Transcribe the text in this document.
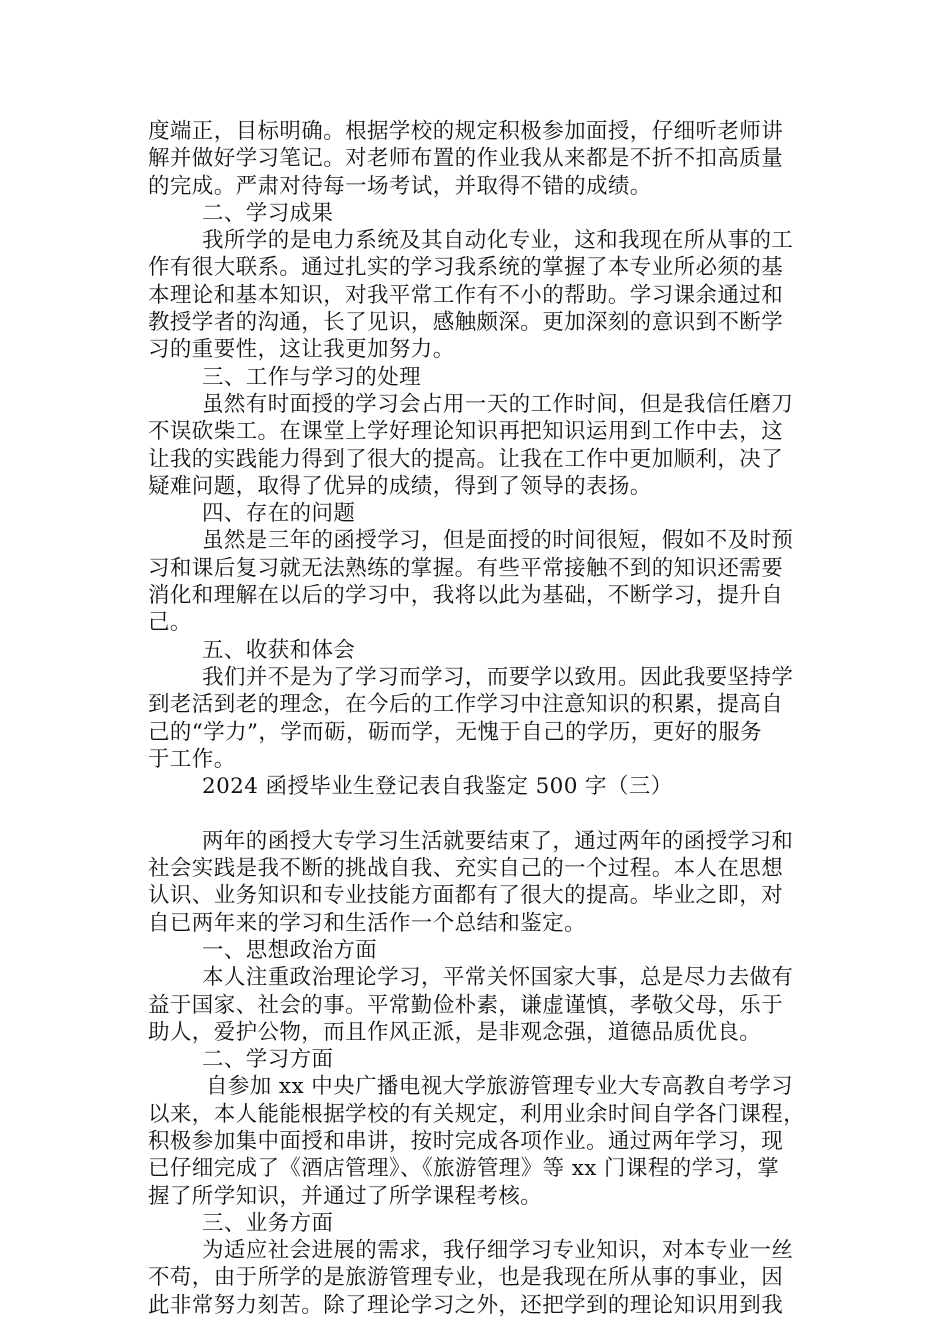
度端正，目标明确。根据学校的规定积极参加面授，仔细听老师讲
解并做好学习笔记。对老师布置的作业我从来都是不折不扣高质量
的完成。严肃对待每一场考试，并取得不错的成绩。
二、学习成果
我所学的是电力系统及其自动化专业，这和我现在所从事的工
作有很大联系。通过扎实的学习我系统的掌握了本专业所必须的基
本理论和基本知识，对我平常工作有不小的帮助。学习课余通过和
教授学者的沟通，长了见识，感触颇深。更加深刻的意识到不断学
习的重要性，这让我更加努力。
三、工作与学习的处理
虽然有时面授的学习会占用一天的工作时间，但是我信任磨刀
不误砍柴工。在课堂上学好理论知识再把知识运用到工作中去，这
让我的实践能力得到了很大的提高。让我在工作中更加顺利，决了
疑难问题，取得了优异的成绩，得到了领导的表扬。
四、存在的问题
虽然是三年的函授学习，但是面授的时间很短，假如不及时预
习和课后复习就无法熟练的掌握。有些平常接触不到的知识还需要
消化和理解在以后的学习中，我将以此为基础，不断学习，提升自
己。
五、收获和体会
我们并不是为了学习而学习，而要学以致用。因此我要坚持学
到老活到老的理念，在今后的工作学习中注意知识的积累，提高自
己的“学力”，学而砺，砺而学，无愧于自己的学历，更好的服务
于工作。
2024 函授毕业生登记表自我鉴定 500 字（三）
两年的函授大专学习生活就要结束了，通过两年的函授学习和
社会实践是我不断的挑战自我、充实自己的一个过程。本人在思想
认识、业务知识和专业技能方面都有了很大的提高。毕业之即，对
自已两年来的学习和生活作一个总结和鉴定。
一、思想政治方面
本人注重政治理论学习，平常关怀国家大事，总是尽力去做有
益于国家、社会的事。平常勤俭朴素，谦虚谨慎，孝敬父母，乐于
助人，爱护公物，而且作风正派，是非观念强，道德品质优良。
二、学习方面
自参加 xx 中央广播电视大学旅游管理专业大专高教自考学习
以来，本人能能根据学校的有关规定，利用业余时间自学各门课程，
积极参加集中面授和串讲，按时完成各项作业。通过两年学习，现
已仔细完成了《酒店管理》、《旅游管理》等 xx 门课程的学习，掌
握了所学知识，并通过了所学课程考核。
三、业务方面
为适应社会进展的需求，我仔细学习专业知识，对本专业一丝
不苟，由于所学的是旅游管理专业，也是我现在所从事的事业，因
此非常努力刻苦。除了理论学习之外，还把学到的理论知识用到我
